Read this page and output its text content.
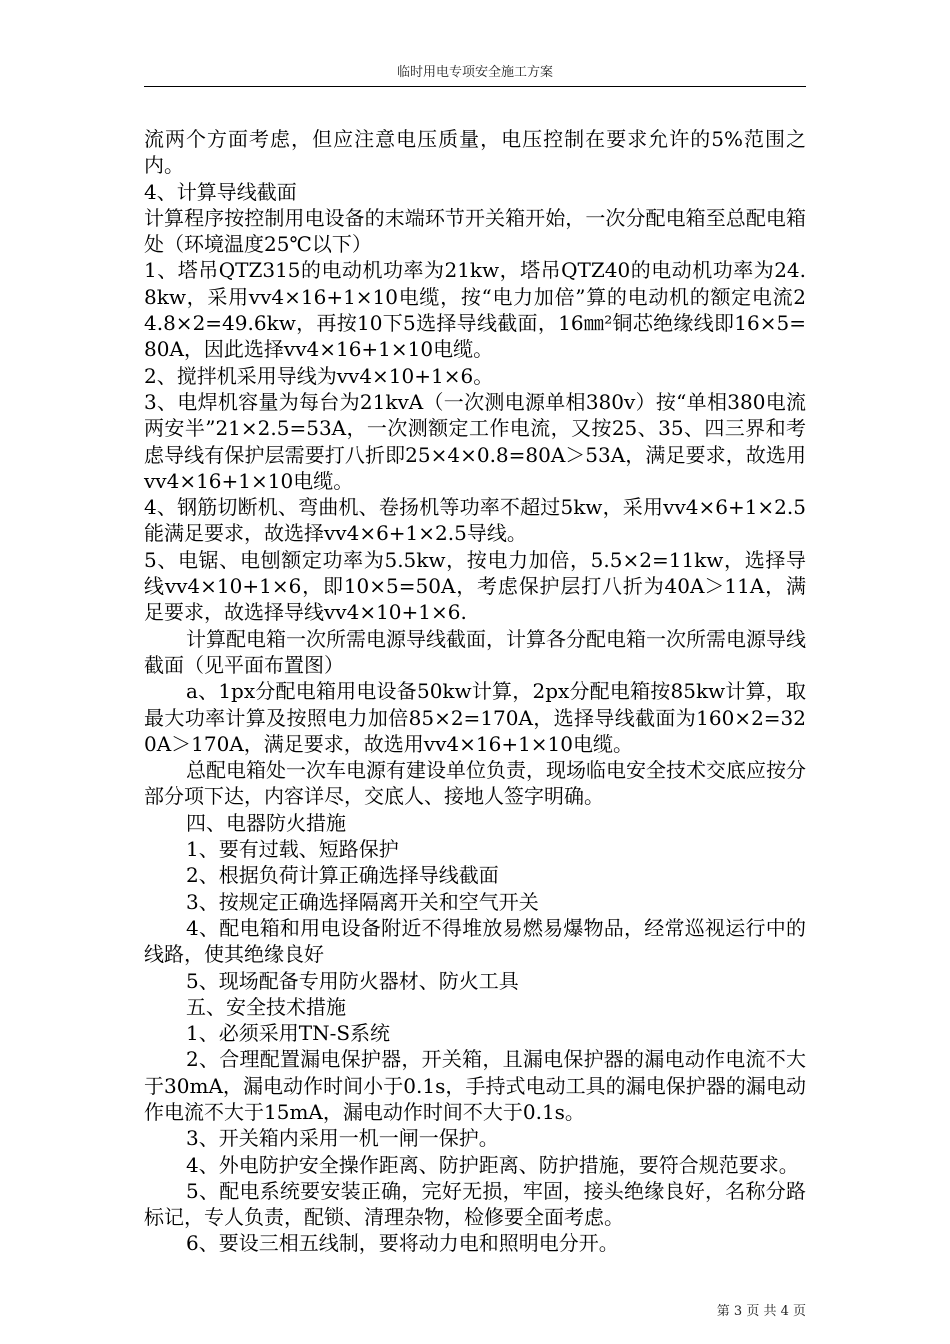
临时用电专项安全施工方案

流两个方面考虑，但应注意电压质量，电压控制在要求允许的5%范围之内。

4、计算导线截面

计算程序按控制用电设备的末端环节开关箱开始，一次分配电箱至总配电箱处（环境温度25℃以下）

1、塔吊QTZ315的电动机功率为21kw，塔吊QTZ40的电动机功率为24.8kw，采用vv4×16+1×10电缆，按“电力加倍”算的电动机的额定电流24.8×2=49.6kw，再按10下5选择导线截面，16㎜²铜芯绝缘线即16×5=80A，因此选择vv4×16+1×10电缆。

2、搅拌机采用导线为vv4×10+1×6。

3、电焊机容量为每台为21kvA（一次测电源单相380v）按“单相380电流两安半”21×2.5=53A，一次测额定工作电流，又按25、35、四三界和考虑导线有保护层需要打八折即25×4×0.8=80A＞53A，满足要求，故选用vv4×16+1×10电缆。

4、钢筋切断机、弯曲机、卷扬机等功率不超过5kw，采用vv4×6+1×2.5能满足要求，故选择vv4×6+1×2.5导线。

5、电锯、电刨额定功率为5.5kw，按电力加倍，5.5×2=11kw，选择导线vv4×10+1×6，即10×5=50A，考虑保护层打八折为40A＞11A，满足要求，故选择导线vv4×10+1×6.

计算配电箱一次所需电源导线截面，计算各分配电箱一次所需电源导线截面（见平面布置图）

a、1px分配电箱用电设备50kw计算，2px分配电箱按85kw计算，取最大功率计算及按照电力加倍85×2=170A，选择导线截面为160×2=320A＞170A，满足要求，故选用vv4×16+1×10电缆。

总配电箱处一次车电源有建设单位负责，现场临电安全技术交底应按分部分项下达，内容详尽，交底人、接地人签字明确。

四、电器防火措施

1、要有过载、短路保护

2、根据负荷计算正确选择导线截面

3、按规定正确选择隔离开关和空气开关

4、配电箱和用电设备附近不得堆放易燃易爆物品，经常巡视运行中的线路，使其绝缘良好

5、现场配备专用防火器材、防火工具

五、安全技术措施

1、必须采用TN-S系统

2、合理配置漏电保护器，开关箱，且漏电保护器的漏电动作电流不大于30mA，漏电动作时间小于0.1s，手持式电动工具的漏电保护器的漏电动作电流不大于15mA，漏电动作时间不大于0.1s。

3、开关箱内采用一机一闸一保护。

4、外电防护安全操作距离、防护距离、防护措施，要符合规范要求。

5、配电系统要安装正确，完好无损，牢固，接头绝缘良好，名称分路标记，专人负责，配锁、清理杂物，检修要全面考虑。

6、要设三相五线制，要将动力电和照明电分开。

第 3 页 共 4 页
